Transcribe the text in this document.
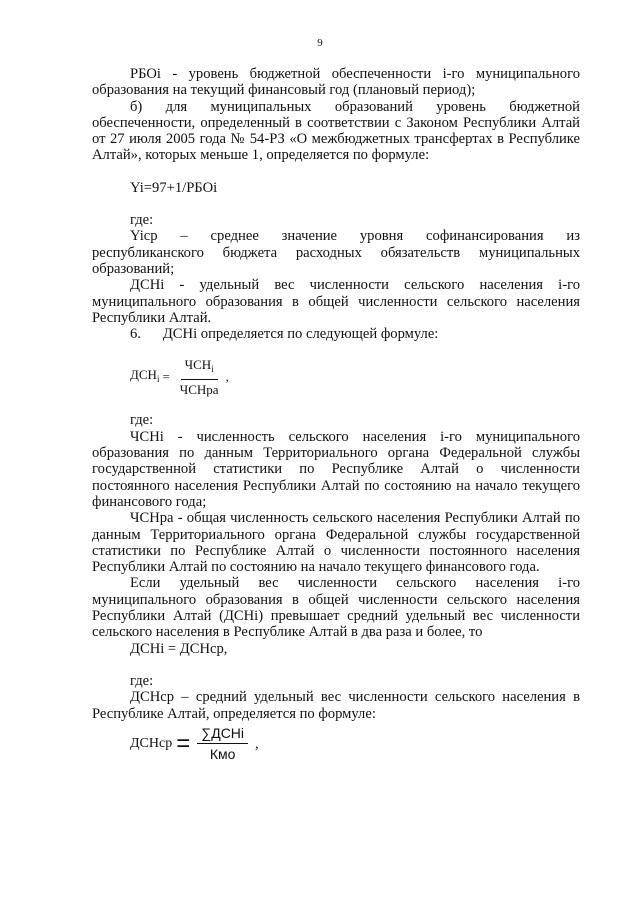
9

РБОi - уровень бюджетной обеспеченности i-го муниципального образования на текущий финансовый год (плановый период);

б) для муниципальных образований уровень бюджетной обеспеченности, определенный в соответствии с Законом Республики Алтай от 27 июля 2005 года № 54-РЗ «О межбюджетных трансфертах в Республике Алтай», которых меньше 1, определяется по формуле:

Yi=97+1/РБОi

где:

Yicp – среднее значение уровня софинансирования из республиканского бюджета расходных обязательств муниципальных образований;

ДСНi - удельный вес численности сельского населения i-го муниципального образования в общей численности сельского населения Республики Алтай.

6.      ДСНi определяется по следующей формуле:

$ДСН_i = \frac{ЧСН_i}{\text{ЧСНра}}$ ,

где:

ЧСНi - численность сельского населения i-го муниципального образования по данным Территориального органа Федеральной службы государственной статистики по Республике Алтай о численности постоянного населения Республики Алтай по состоянию на начало текущего финансового года;

ЧСНра - общая численность сельского населения Республики Алтай по данным Территориального органа Федеральной службы государственной статистики по Республике Алтай о численности постоянного населения Республики Алтай по состоянию на начало текущего финансового года.

Если удельный вес численности сельского населения i-го муниципального образования в общей численности сельского населения Республики Алтай (ДСНi) превышает средний удельный вес численности сельского населения в Республике Алтай в два раза и более, то

ДСНi = ДСНср,

где:

ДСНср – средний удельный вес численности сельского населения в Республике Алтай, определяется по формуле:

ДСНср = $\frac{\text{∑ДСНi}}{\text{Кмо}}$ ,
